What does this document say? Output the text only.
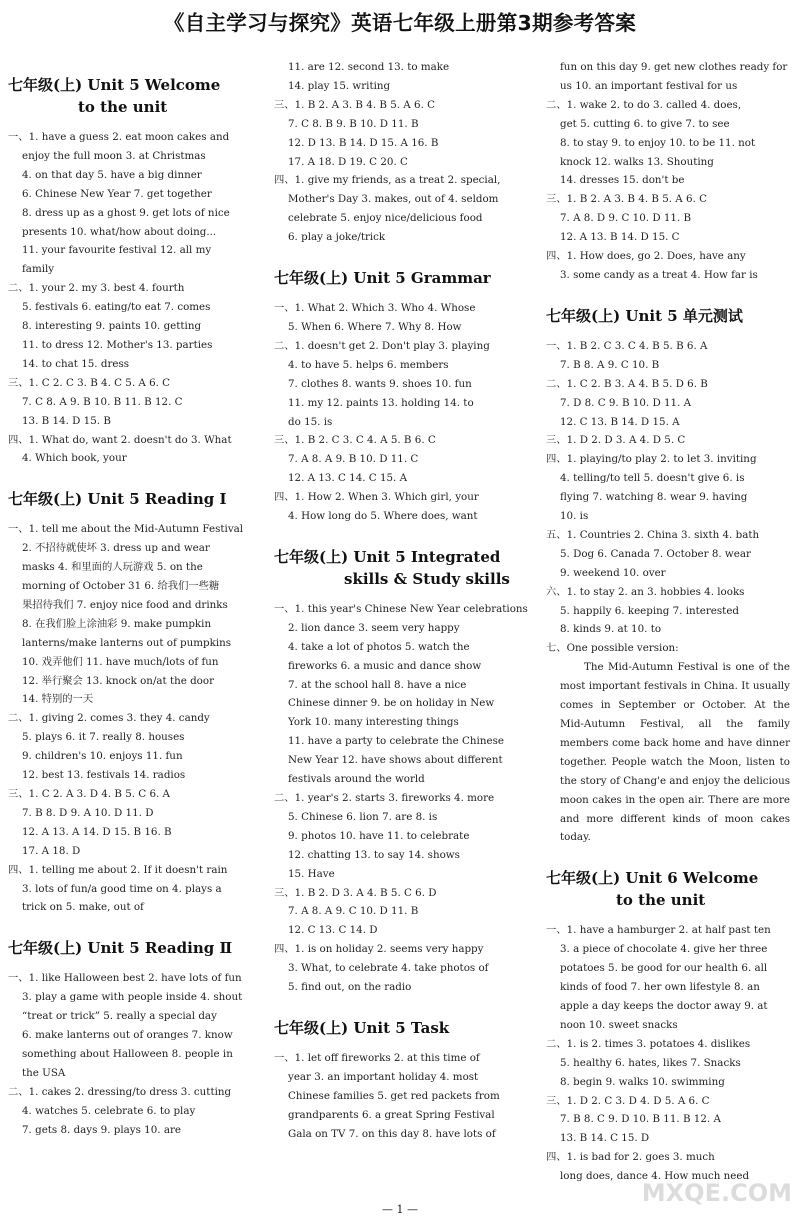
《自主学习与探究》英语七年级上册第3期参考答案
七年级(上) Unit 5 Welcome
to the unit

一、1. have a guess 2. eat moon cakes and

enjoy the full moon 3. at Christmas

4. on that day 5. have a big dinner

6. Chinese New Year 7. get together

8. dress up as a ghost 9. get lots of nice

presents 10. what/how about doing...

11. your favourite festival 12. all my

family

二、1. your 2. my 3. best 4. fourth

5. festivals 6. eating/to eat 7. comes

8. interesting 9. paints 10. getting

11. to dress 12. Mother's 13. parties

14. to chat 15. dress

三、1. C 2. C 3. B 4. C 5. A 6. C

7. C 8. A 9. B 10. B 11. B 12. C

13. B 14. D 15. B

四、1. What do, want 2. doesn't do 3. What

4. Which book, your

七年级(上) Unit 5 Reading Ⅰ

一、1. tell me about the Mid-Autumn Festival

2. 不招待就使坏 3. dress up and wear

masks 4. 和里面的人玩游戏 5. on the

morning of October 31 6. 给我们一些糖

果招待我们 7. enjoy nice food and drinks

8. 在我们脸上涂油彩 9. make pumpkin

lanterns/make lanterns out of pumpkins

10. 戏弄他们 11. have much/lots of fun

12. 举行聚会 13. knock on/at the door

14. 特别的一天

二、1. giving 2. comes 3. they 4. candy

5. plays 6. it 7. really 8. houses

9. children's 10. enjoys 11. fun

12. best 13. festivals 14. radios

三、1. C 2. A 3. D 4. B 5. C 6. A

7. B 8. D 9. A 10. D 11. D

12. A 13. A 14. D 15. B 16. B

17. A 18. D

四、1. telling me about 2. If it doesn't rain

3. lots of fun/a good time on 4. plays a

trick on 5. make, out of

七年级(上) Unit 5 Reading Ⅱ

一、1. like Halloween best 2. have lots of fun

3. play a game with people inside 4. shout

“treat or trick” 5. really a special day

6. make lanterns out of oranges 7. know

something about Halloween 8. people in

the USA

二、1. cakes 2. dressing/to dress 3. cutting

4. watches 5. celebrate 6. to play

7. gets 8. days 9. plays 10. are

11. are 12. second 13. to make

14. play 15. writing

三、1. B 2. A 3. B 4. B 5. A 6. C

7. C 8. B 9. B 10. D 11. B

12. D 13. B 14. D 15. A 16. B

17. A 18. D 19. C 20. C

四、1. give my friends, as a treat 2. special,

Mother's Day 3. makes, out of 4. seldom

celebrate 5. enjoy nice/delicious food

6. play a joke/trick

七年级(上) Unit 5 Grammar

一、1. What 2. Which 3. Who 4. Whose

5. When 6. Where 7. Why 8. How

二、1. doesn't get 2. Don't play 3. playing

4. to have 5. helps 6. members

7. clothes 8. wants 9. shoes 10. fun

11. my 12. paints 13. holding 14. to

do 15. is

三、1. B 2. C 3. C 4. A 5. B 6. C

7. A 8. A 9. B 10. D 11. C

12. A 13. C 14. C 15. A

四、1. How 2. When 3. Which girl, your

4. How long do 5. Where does, want

七年级(上) Unit 5 Integrated
skills & Study skills

一、1. this year's Chinese New Year celebrations

2. lion dance 3. seem very happy

4. take a lot of photos 5. watch the

fireworks 6. a music and dance show

7. at the school hall 8. have a nice

Chinese dinner 9. be on holiday in New

York 10. many interesting things

11. have a party to celebrate the Chinese

New Year 12. have shows about different

festivals around the world

二、1. year's 2. starts 3. fireworks 4. more

5. Chinese 6. lion 7. are 8. is

9. photos 10. have 11. to celebrate

12. chatting 13. to say 14. shows

15. Have

三、1. B 2. D 3. A 4. B 5. C 6. D

7. A 8. A 9. C 10. D 11. B

12. C 13. C 14. D

四、1. is on holiday 2. seems very happy

3. What, to celebrate 4. take photos of

5. find out, on the radio

七年级(上) Unit 5 Task

一、1. let off fireworks 2. at this time of

year 3. an important holiday 4. most

Chinese families 5. get red packets from

grandparents 6. a great Spring Festival

Gala on TV 7. on this day 8. have lots of

fun on this day 9. get new clothes ready for

us 10. an important festival for us

二、1. wake 2. to do 3. called 4. does,

get 5. cutting 6. to give 7. to see

8. to stay 9. to enjoy 10. to be 11. not

knock 12. walks 13. Shouting

14. dresses 15. don't be

三、1. B 2. A 3. B 4. B 5. A 6. C

7. A 8. D 9. C 10. D 11. B

12. A 13. B 14. D 15. C

四、1. How does, go 2. Does, have any

3. some candy as a treat 4. How far is

七年级(上) Unit 5 单元测试

一、1. B 2. C 3. C 4. B 5. B 6. A

7. B 8. A 9. C 10. B

二、1. C 2. B 3. A 4. B 5. D 6. B

7. D 8. C 9. B 10. D 11. A

12. C 13. B 14. D 15. A

三、1. D 2. D 3. A 4. D 5. C

四、1. playing/to play 2. to let 3. inviting

4. telling/to tell 5. doesn't give 6. is

flying 7. watching 8. wear 9. having

10. is

五、1. Countries 2. China 3. sixth 4. bath

5. Dog 6. Canada 7. October 8. wear

9. weekend 10. over

六、1. to stay 2. an 3. hobbies 4. looks

5. happily 6. keeping 7. interested

8. kinds 9. at 10. to

七、One possible version:

The Mid-Autumn Festival is one of the most important festivals in China. It usually comes in September or October. At the Mid-Autumn Festival, all the family members come back home and have dinner together. People watch the Moon, listen to the story of Chang'e and enjoy the delicious moon cakes in the open air. There are more and more different kinds of moon cakes today.

七年级(上) Unit 6 Welcome
to the unit

一、1. have a hamburger 2. at half past ten

3. a piece of chocolate 4. give her three

potatoes 5. be good for our health 6. all

kinds of food 7. her own lifestyle 8. an

apple a day keeps the doctor away 9. at

noon 10. sweet snacks

二、1. is 2. times 3. potatoes 4. dislikes

5. healthy 6. hates, likes 7. Snacks

8. begin 9. walks 10. swimming

三、1. D 2. C 3. D 4. D 5. A 6. C

7. B 8. C 9. D 10. B 11. B 12. A

13. B 14. C 15. D

四、1. is bad for 2. goes 3. much

long does, dance 4. How much need

— 1 —
MXQE.COM
